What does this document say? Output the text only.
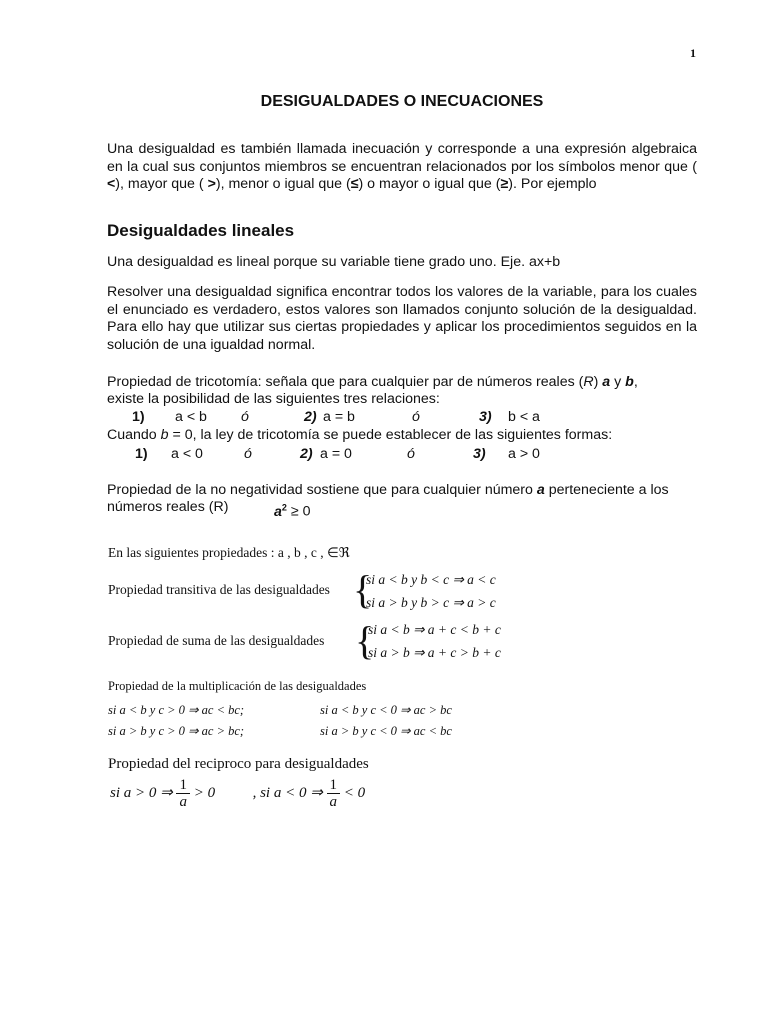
1
DESIGUALDADES O INECUACIONES
Una desigualdad es también llamada inecuación y corresponde a una expresión algebraica en la cual sus conjuntos miembros se encuentran relacionados por los símbolos menor que ( <), mayor que ( >), menor o igual que (≤) o mayor o igual que (≥). Por ejemplo
Desigualdades lineales
Una desigualdad es lineal porque su variable tiene grado uno. Eje. ax+b
Resolver una desigualdad significa encontrar todos los valores de la variable, para los cuales el enunciado es verdadero, estos valores son llamados conjunto solución de la desigualdad. Para ello hay que utilizar sus ciertas propiedades y aplicar los procedimientos seguidos en la solución de una igualdad normal.
Propiedad de tricotomía: señala que para cualquier par de números reales (R) a y b,
existe la posibilidad de las siguientes tres relaciones:
1) a < b ó	2) a = b	ó	3) b < a
Cuando b = 0, la ley de tricotomía se puede establecer de las siguientes formas:
1) a < 0	ó	2) a = 0	ó	3) a > 0
Propiedad de la no negatividad sostiene que para cualquier número a perteneciente a los
números reales (R)	$a^2 \ge 0$
En las siguientes propiedades : a , b , c , ∈ℜ
Propiedad transitiva de las desigualdades {
si a < b y b < c ⇒ a < c
si a > b y b > c ⇒ a > c
Propiedad de suma de las desigualdades {
si a < b ⇒ a + c < b + c
si a > b ⇒ a + c > b + c
Propiedad de la multiplicación de las desigualdades
si a < b y c > 0 ⇒ ac < bc;	si a < b y c < 0 ⇒ ac > bc
si a > b y c > 0 ⇒ ac > bc;	si a > b y c < 0 ⇒ ac < bc
Propiedad del reciproco para desigualdades
si a > 0 ⇒ $\frac{1}{a} > 0$	, si a < 0 ⇒ $\frac{1}{a} < 0$
